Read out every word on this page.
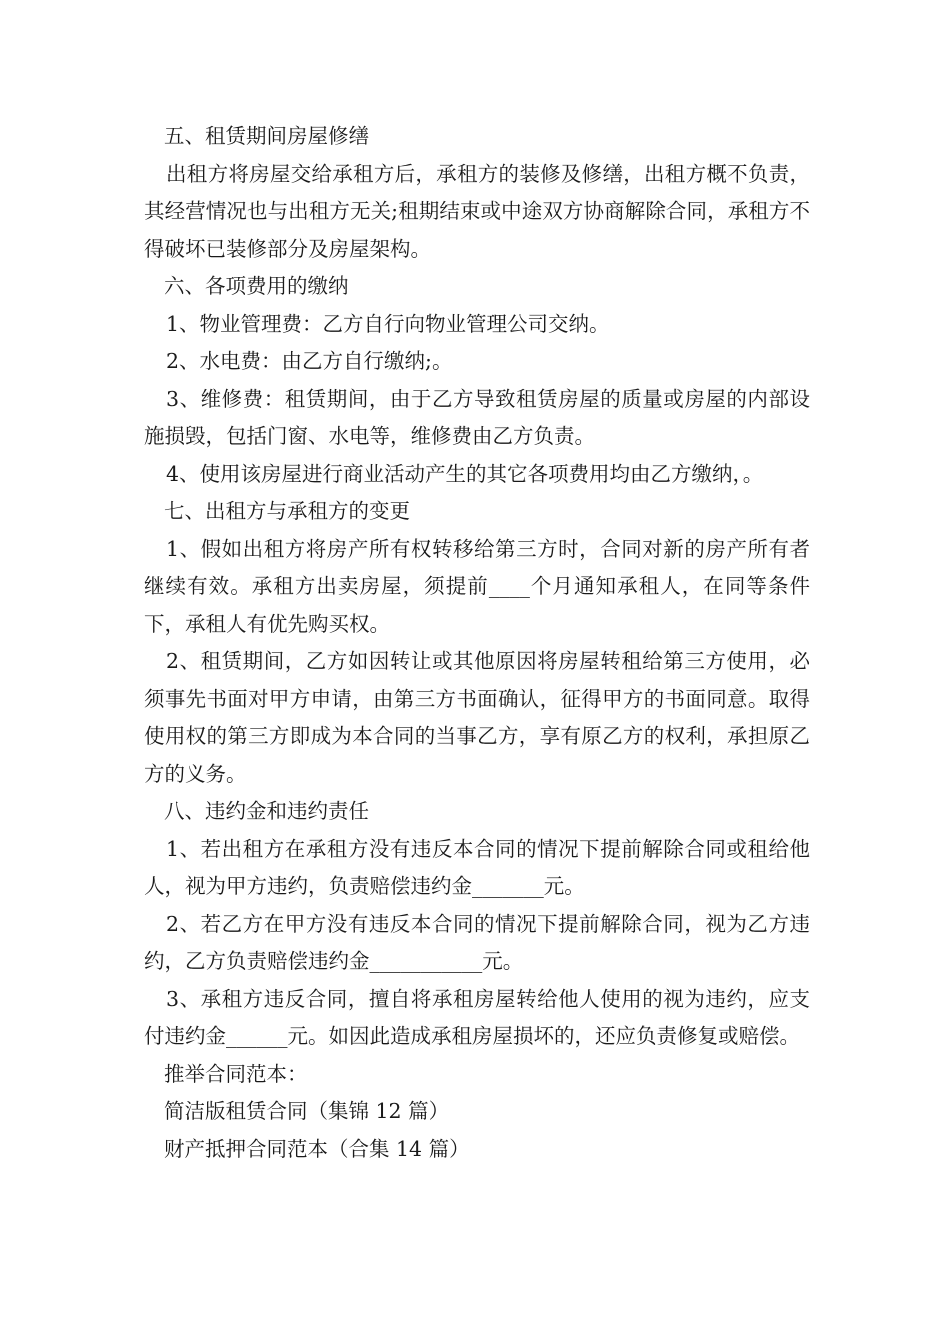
五、租赁期间房屋修缮

出租方将房屋交给承租方后，承租方的装修及修缮，出租方概不负责，其经营情况也与出租方无关;租期结束或中途双方协商解除合同，承租方不得破坏已装修部分及房屋架构。

六、各项费用的缴纳

1、物业管理费：乙方自行向物业管理公司交纳。

2、水电费：由乙方自行缴纳;。

3、维修费：租赁期间，由于乙方导致租赁房屋的质量或房屋的内部设施损毁，包括门窗、水电等，维修费由乙方负责。

4、使用该房屋进行商业活动产生的其它各项费用均由乙方缴纳，。

七、出租方与承租方的变更

1、假如出租方将房产所有权转移给第三方时，合同对新的房产所有者继续有效。承租方出卖房屋，须提前____个月通知承租人，在同等条件下，承租人有优先购买权。

2、租赁期间，乙方如因转让或其他原因将房屋转租给第三方使用，必须事先书面对甲方申请，由第三方书面确认，征得甲方的书面同意。取得使用权的第三方即成为本合同的当事乙方，享有原乙方的权利，承担原乙方的义务。

八、违约金和违约责任

1、若出租方在承租方没有违反本合同的情况下提前解除合同或租给他人，视为甲方违约，负责赔偿违约金_______元。

2、若乙方在甲方没有违反本合同的情况下提前解除合同，视为乙方违约，乙方负责赔偿违约金___________元。

3、承租方违反合同，擅自将承租房屋转给他人使用的视为违约，应支付违约金______元。如因此造成承租房屋损坏的，还应负责修复或赔偿。

推举合同范本：

简洁版租赁合同（集锦 12 篇）

财产抵押合同范本（合集 14 篇）
